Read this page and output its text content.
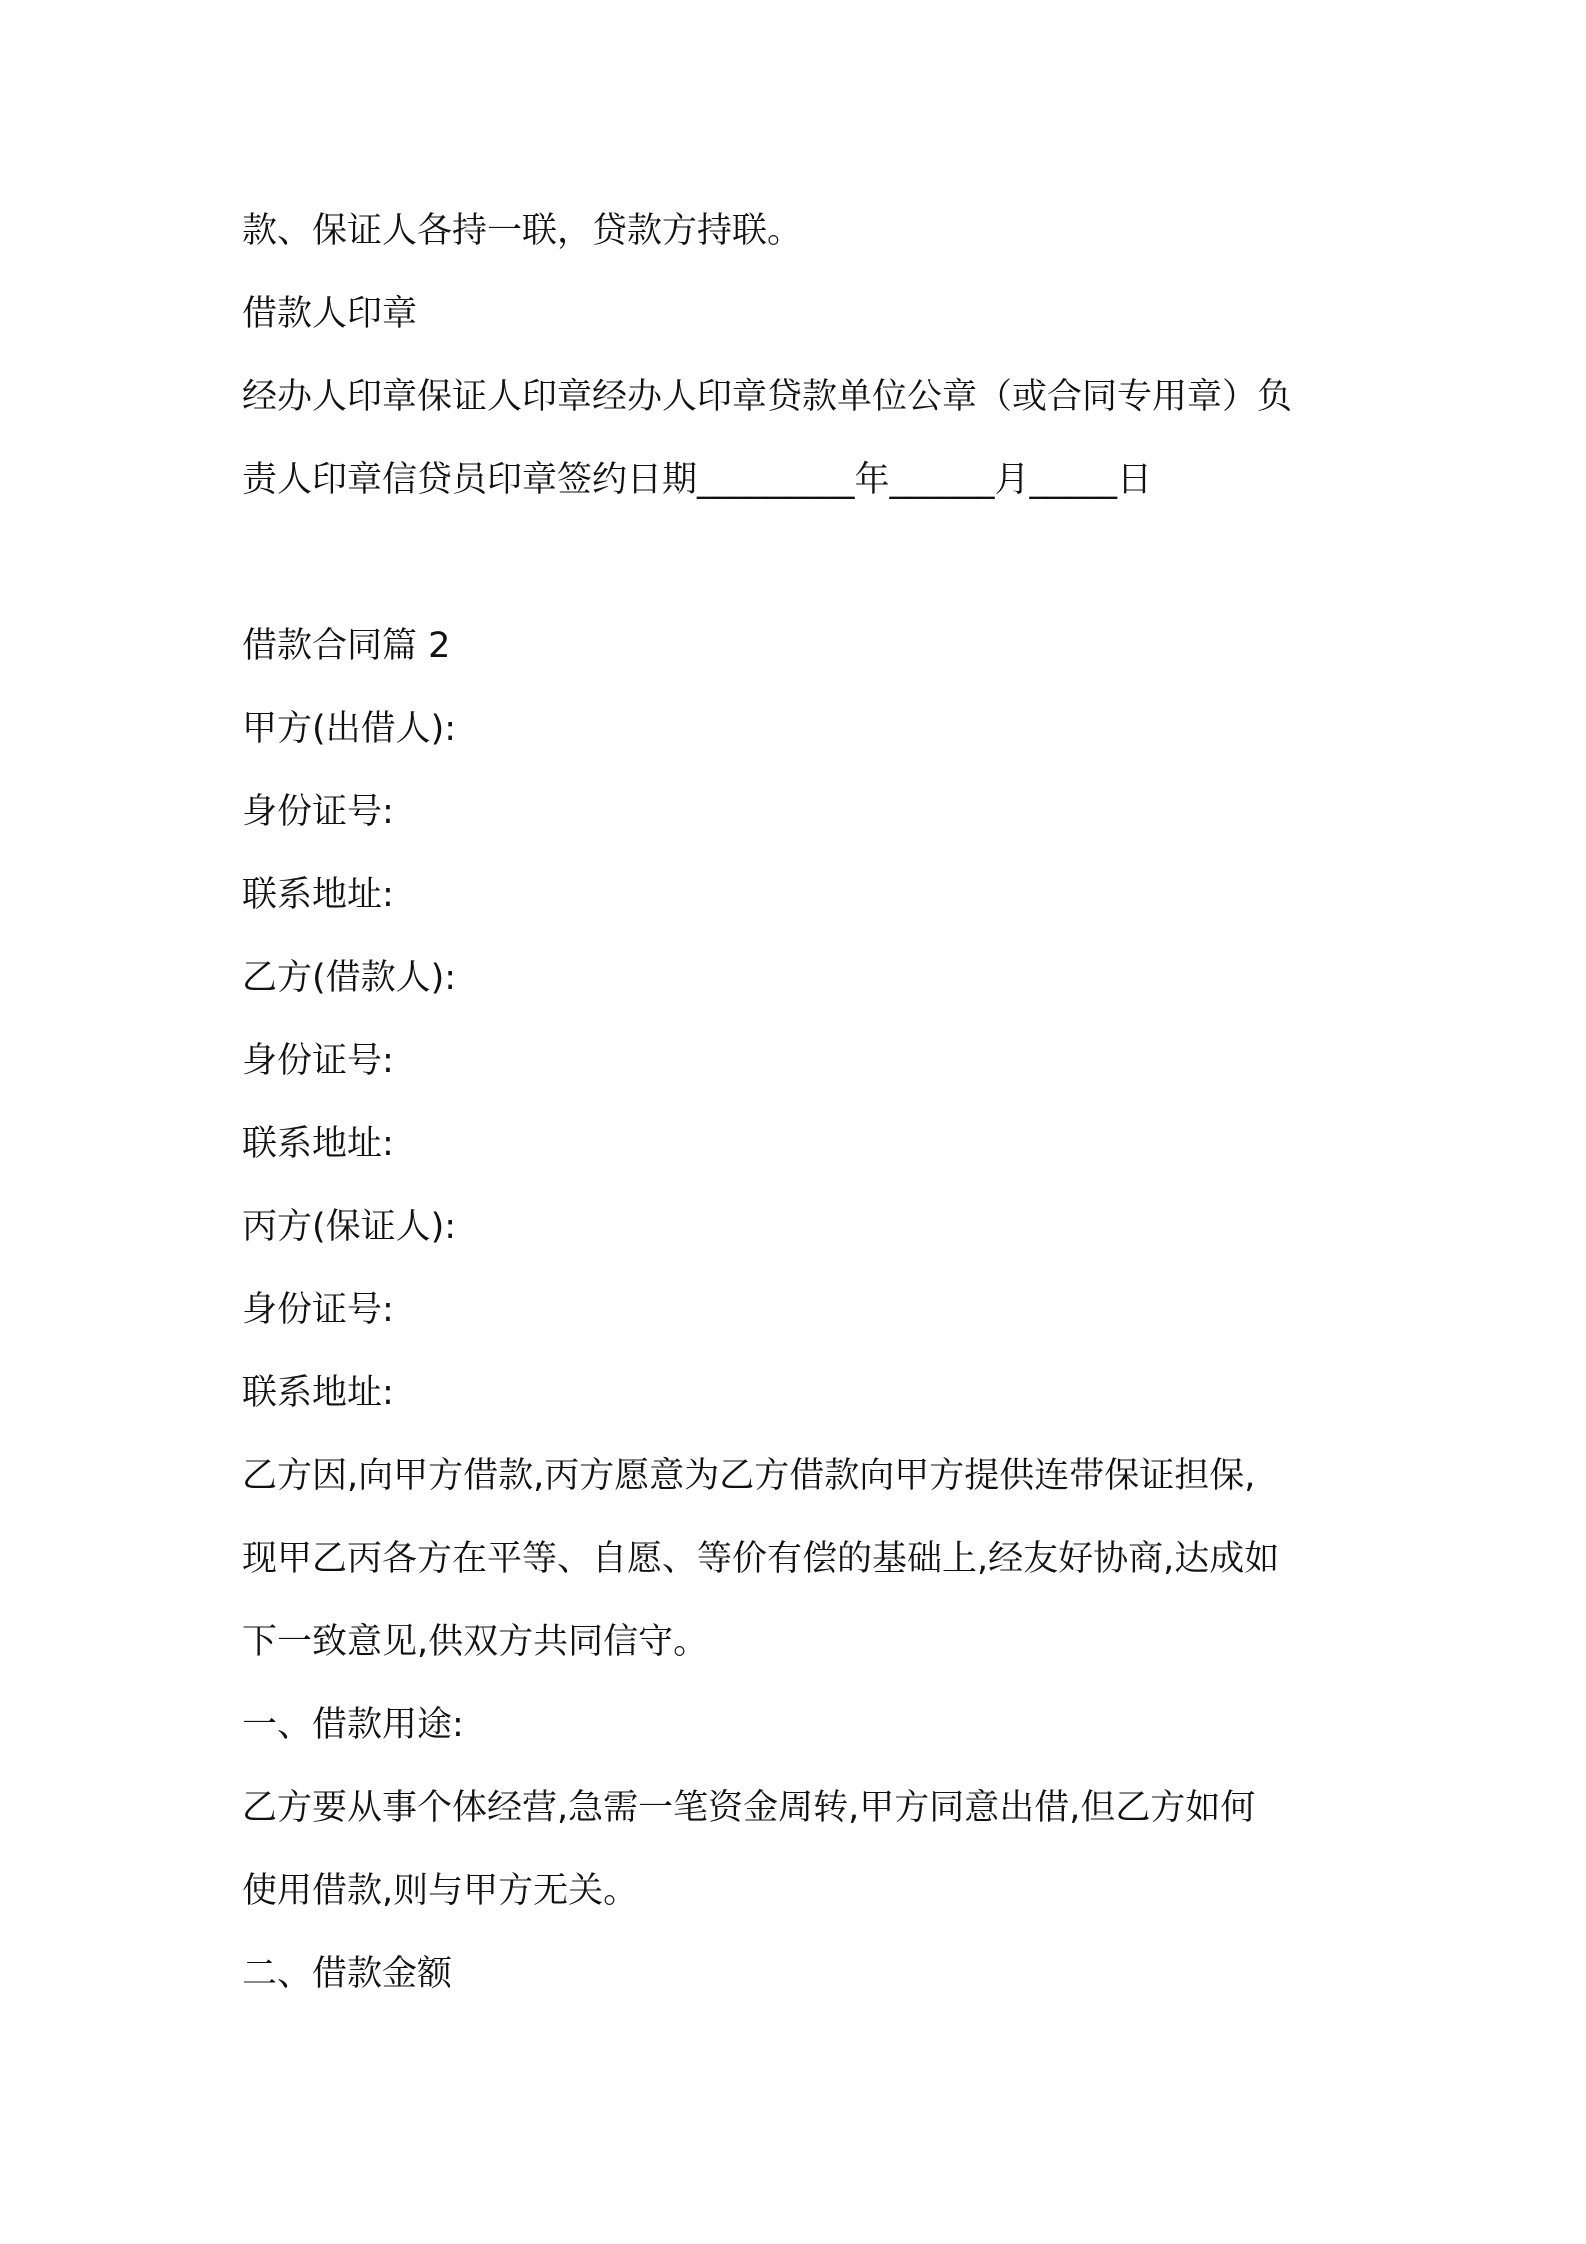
款、保证人各持一联，贷款方持联。
借款人印章
经办人印章保证人印章经办人印章贷款单位公章（或合同专用章）负
责人印章信贷员印章签约日期_________年______月_____日
借款合同篇 2
甲方(出借人):
身份证号:
联系地址:
乙方(借款人):
身份证号:
联系地址:
丙方(保证人):
身份证号:
联系地址:
乙方因,向甲方借款,丙方愿意为乙方借款向甲方提供连带保证担保,
现甲乙丙各方在平等、自愿、等价有偿的基础上,经友好协商,达成如
下一致意见,供双方共同信守。
一、借款用途:
乙方要从事个体经营,急需一笔资金周转,甲方同意出借,但乙方如何
使用借款,则与甲方无关。
二、借款金额
